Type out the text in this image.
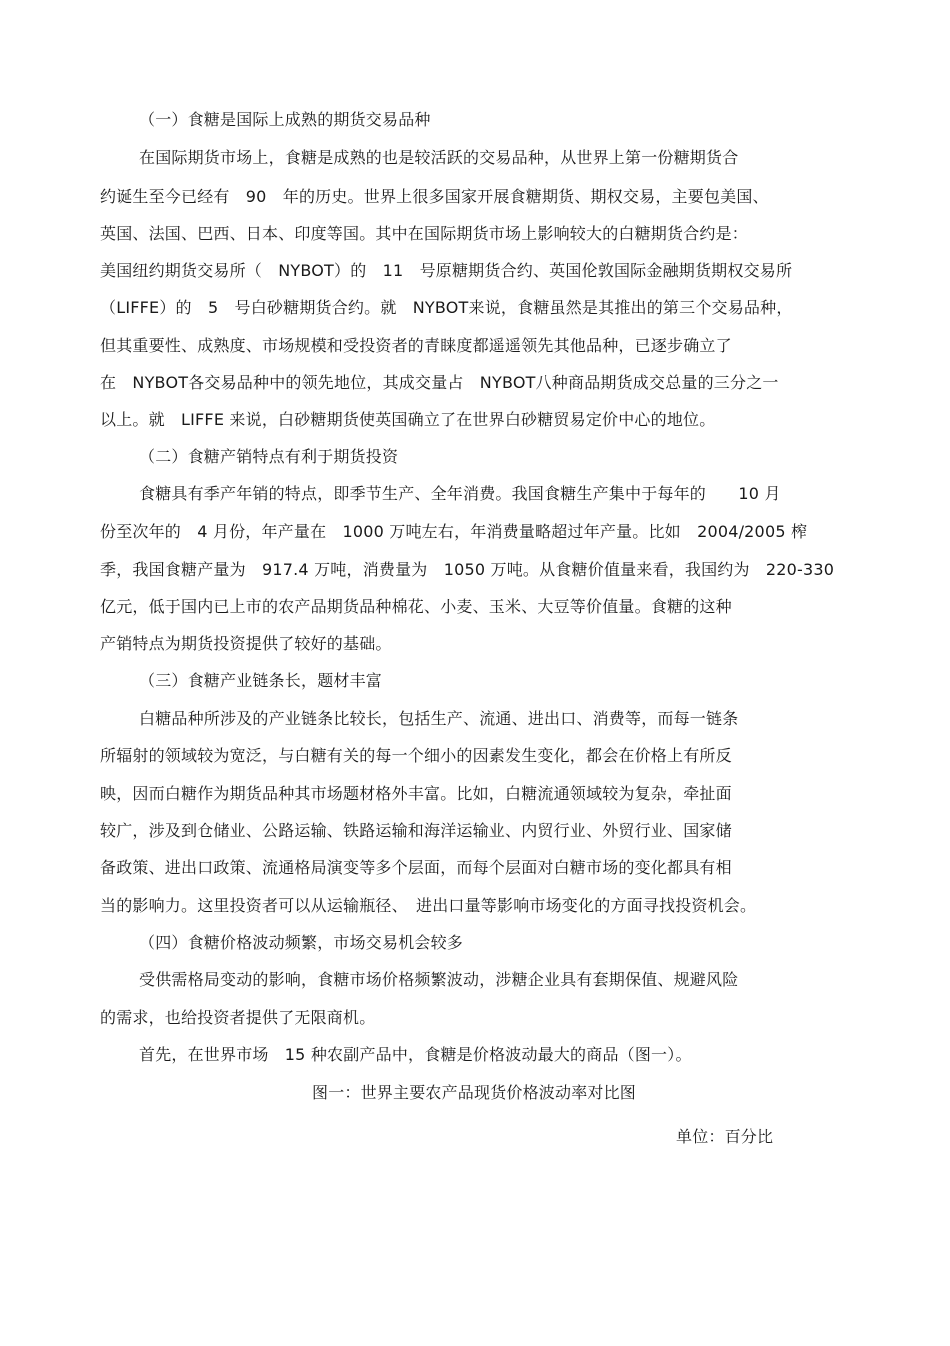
（一）食糖是国际上成熟的期货交易品种
在国际期货市场上，食糖是成熟的也是较活跃的交易品种，从世界上第一份糖期货合
约诞生至今已经有　90　年的历史。世界上很多国家开展食糖期货、期权交易，主要包美国、
英国、法国、巴西、日本、印度等国。其中在国际期货市场上影响较大的白糖期货合约是：
美国纽约期货交易所（　NYBOT）的　11　号原糖期货合约、英国伦敦国际金融期货期权交易所
（LIFFE）的　5　号白砂糖期货合约。就　NYBOT来说，食糖虽然是其推出的第三个交易品种，
但其重要性、成熟度、市场规模和受投资者的青睐度都遥遥领先其他品种，已逐步确立了
在　NYBOT各交易品种中的领先地位，其成交量占　NYBOT八种商品期货成交总量的三分之一
以上。就　LIFFE 来说，白砂糖期货使英国确立了在世界白砂糖贸易定价中心的地位。
（二）食糖产销特点有利于期货投资
食糖具有季产年销的特点，即季节生产、全年消费。我国食糖生产集中于每年的　　10 月
份至次年的　4 月份，年产量在　1000 万吨左右，年消费量略超过年产量。比如　2004/2005 榨
季，我国食糖产量为　917.4 万吨，消费量为　1050 万吨。从食糖价值量来看，我国约为　220-330
亿元，低于国内已上市的农产品期货品种棉花、小麦、玉米、大豆等价值量。食糖的这种
产销特点为期货投资提供了较好的基础。
（三）食糖产业链条长，题材丰富
白糖品种所涉及的产业链条比较长，包括生产、流通、进出口、消费等，而每一链条
所辐射的领域较为宽泛，与白糖有关的每一个细小的因素发生变化，都会在价格上有所反
映，因而白糖作为期货品种其市场题材格外丰富。比如，白糖流通领域较为复杂，牵扯面
较广，涉及到仓储业、公路运输、铁路运输和海洋运输业、内贸行业、外贸行业、国家储
备政策、进出口政策、流通格局演变等多个层面，而每个层面对白糖市场的变化都具有相
当的影响力。这里投资者可以从运输瓶径、　进出口量等影响市场变化的方面寻找投资机会。
（四）食糖价格波动频繁，市场交易机会较多
受供需格局变动的影响，食糖市场价格频繁波动，涉糖企业具有套期保值、规避风险
的需求，也给投资者提供了无限商机。
首先，在世界市场　15 种农副产品中，食糖是价格波动最大的商品（图一）。
图一：世界主要农产品现货价格波动率对比图
单位：百分比
